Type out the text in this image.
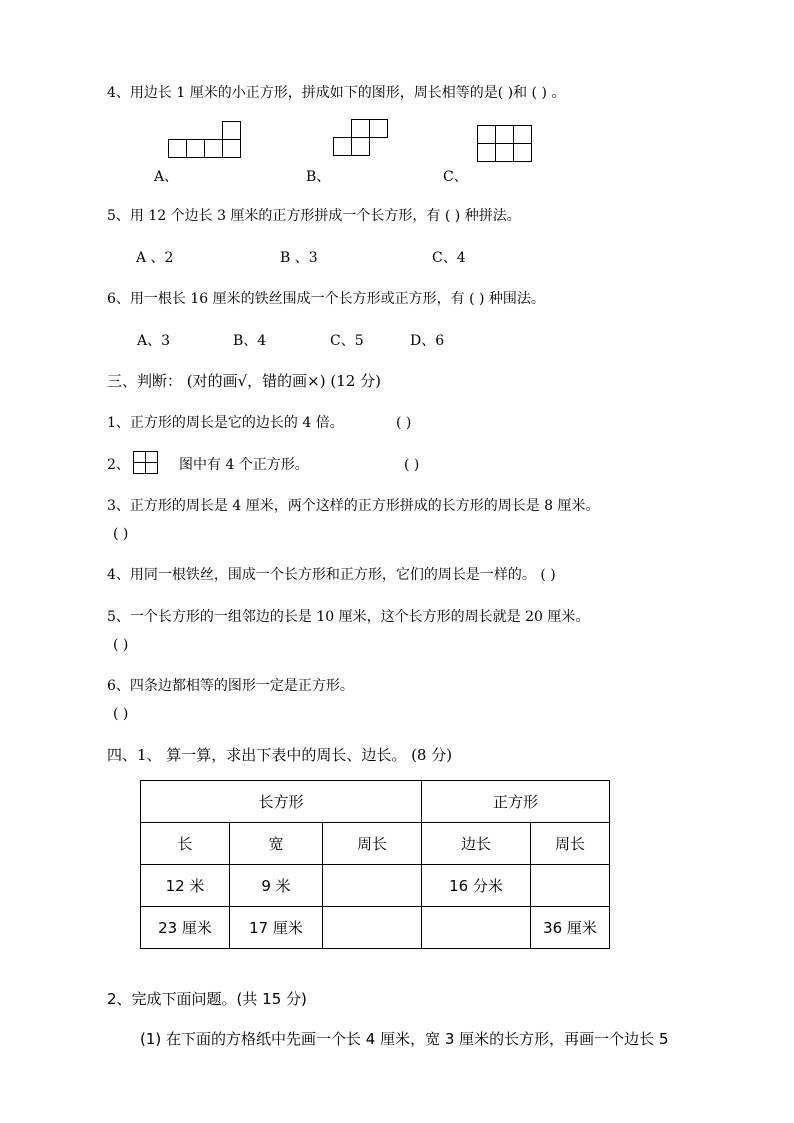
4、用边长 1 厘米的小正方形，拼成如下的图形，周长相等的是( )和 ( ) 。

A、	B、	C、
5、用 12 个边长 3 厘米的正方形拼成一个长方形，有 ( ) 种拼法。
A 、2	B 、3	C、4
6、用一根长 16 厘米的铁丝围成一个长方形或正方形，有 ( ) 种围法。
A、3	B、4	C、5	D、6
三、判断： (对的画√，错的画×) (12 分)
1、正方形的周长是它的边长的 4 倍。	( )
2、

		图中有 4 个正方形。	( )
3、正方形的周长是 4 厘米，两个这样的正方形拼成的长方形的周长是 8 厘米。
( )
4、用同一根铁丝，围成一个长方形和正方形，它们的周长是一样的。 ( )
5、一个长方形的一组邻边的长是 10 厘米，这个长方形的周长就是 20 厘米。
( )
6、四条边都相等的图形一定是正方形。
( )
四、1、 算一算，求出下表中的周长、边长。 (8 分)
长方形			正方形	
长	宽	周长	边长	周长
12 米	9 米		16 分米	
23 厘米	17 厘米			36 厘米
2、完成下面问题。(共 15 分)
(1) 在下面的方格纸中先画一个长 4 厘米，宽 3 厘米的长方形，再画一个边长 5
